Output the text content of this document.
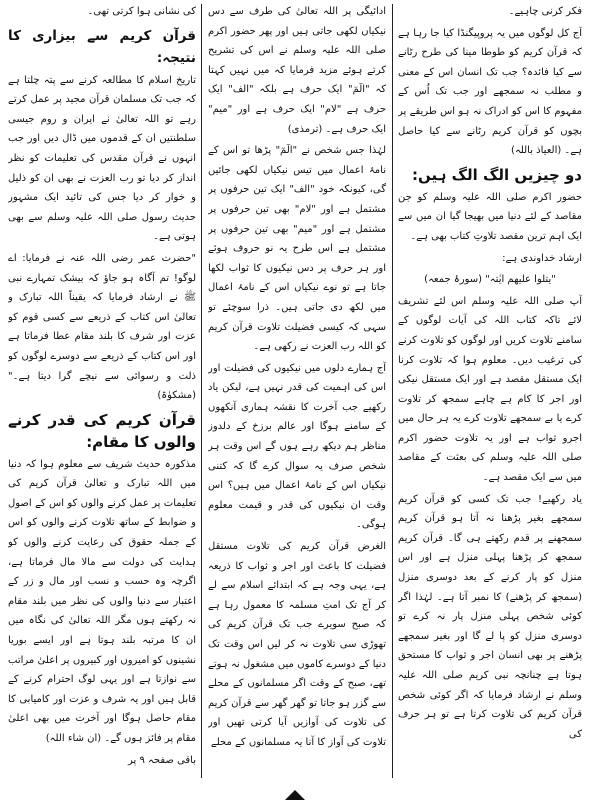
فکر کرنی چاہیے۔

آج کل لوگوں میں یہ پروپیگنڈا کیا جا رہا ہے کہ قرآن کریم کو طوطا مینا کی طرح رٹانے سے کیا فائدہ؟ جب تک انسان اس کے معنی و مطلب نہ سمجھے اور جب تک اُس کے مفہوم کا اس کو ادراک نہ ہو اس طریقے پر بچوں کو قرآن کریم رٹانے سے کیا حاصل ہے۔ (العیاذ باللہ)

دو چیزیں الگ الگ ہیں:

حضور اکرم صلی اللہ علیہ وسلم کو جن مقاصد کے لئے دنیا میں بھیجا گیا ان میں سے ایک اہم ترین مقصد تلاوتِ کتاب بھی ہے۔

ارشاد خداوندی ہے:

"یتلوا علیھم ایٰتہ" (سورۂ جمعہ)

آپ صلی اللہ علیہ وسلم اس لئے تشریف لائے تاکہ کتاب اللہ کی آیات لوگوں کے سامنے تلاوت کریں اور لوگوں کو تلاوت کرنے کی ترغیب دیں۔ معلوم ہوا کہ تلاوت کرنا ایک مستقل مقصد ہے اور ایک مستقل نیکی اور اجر کا کام ہے چاہے سمجھ کر تلاوت کرے یا بے سمجھے تلاوت کرے یہ ہر حال میں اجرو ثواب ہے اور یہ تلاوت حضور اکرم صلی اللہ علیہ وسلم کی بعثت کے مقاصد میں سے ایک مقصد ہے۔

یاد رکھیے! جب تک کسی کو قرآن کریم سمجھے بغیر پڑھنا نہ آتا ہو قرآن کریم سمجھنے پر قدم رکھتے ہی گا۔ قرآن کریم سمجھ کر پڑھنا پہلی منزل ہے اور اس منزل کو پار کرنے کے بعد دوسری منزل (سمجھ کر پڑھنے) کا نمبر آتا ہے۔ لہٰذا اگر کوئی شخص پہلی منزل پار نہ کرے تو دوسری منزل کو پا لے گا اور بغیر سمجھے پڑھنے پر بھی انسان اجر و ثواب کا مستحق ہوتا ہے چنانچہ نبی کریم صلی اللہ علیہ وسلم نے ارشاد فرمایا کہ اگر کوئی شخص قرآن کریم کی تلاوت کرتا ہے تو ہر حرف کی

ادائیگی پر اللہ تعالیٰ کی طرف سے دس نیکیاں لکھی جاتی ہیں اور پھر حضور اکرم صلی اللہ علیہ وسلم نے اس کی تشریح کرتے ہوئے مزید فرمایا کہ میں نہیں کہتا کہ "الٓمٓ" ایک حرف ہے بلکہ "الف" ایک حرف ہے "لام" ایک حرف ہے اور "میم" ایک حرف ہے۔ (ترمذی)

لہٰذا جس شخص نے "الٓمٓ" پڑھا تو اس کے نامۂ اعمال میں تیس نیکیاں لکھی جائیں گی، کیونکہ خود "الف" ایک تین حرفوں پر مشتمل ہے اور "لام" بھی تین حرفوں پر مشتمل ہے اور "میم" بھی تین حرفوں پر مشتمل ہے اس طرح یہ نو حروف ہوئے اور ہر حرف پر دس نیکیوں کا ثواب لکھا جاتا ہے تو نوے نیکیاں اس کے نامۂ اعمال میں لکھ دی جاتی ہیں۔ ذرا سوچئے تو سہی کہ کیسی فضیلت تلاوت قرآن کریم کو اللہ رب العزت نے رکھی ہے۔

آج ہمارے دلوں میں نیکیوں کی فضیلت اور اس کی اہمیت کی قدر نہیں ہے، لیکن یاد رکھیے جب آخرت کا نقشہ ہماری آنکھوں کے سامنے ہوگا اور عالم برزخ کے دلدوز مناظر ہم دیکھ رہے ہوں گے اس وقت ہر شخص صرف یہ سوال کرے گا کہ کتنی نیکیاں اس کے نامۂ اعمال میں ہیں؟ اس وقت ان نیکیوں کی قدر و قیمت معلوم ہوگی۔

الغرض قرآن کریم کی تلاوت مستقل فضیلت کا باعث اور اجر و ثواب کا ذریعہ ہے، یہی وجہ ہے کہ ابتدائے اسلام سے لے کر آج تک امتِ مسلمہ کا معمول رہا ہے کہ صبح سویرے جب تک قرآن کریم کی تھوڑی سی تلاوت نہ کر لیں اس وقت تک دنیا کے دوسرے کاموں میں مشغول نہ ہوتے تھے، صبح کے وقت اگر مسلمانوں کے محلے سے گزر ہو جاتا تو گھر گھر سے قرآن کریم کی تلاوت کی آوازیں آیا کرتی تھیں اور تلاوت کی آواز کا آنا یہ مسلمانوں کے محلے

کی نشانی ہوا کرتی تھی۔

قرآن کریم سے بیزاری کا نتیجہ:

تاریخ اسلام کا مطالعہ کرنے سے پتہ چلتا ہے کہ جب تک مسلمان قرآن مجید پر عمل کرتے رہے تو اللہ تعالیٰ نے ایران و روم جیسی سلطنتیں ان کے قدموں میں ڈال دیں اور جب انہوں نے قرآن مقدس کی تعلیمات کو نظر انداز کر دیا تو رب العزت نے بھی ان کو ذلیل و خوار کر دیا جس کی تائید ایک مشہور حدیث رسول صلی اللہ علیہ وسلم سے بھی ہوتی ہے۔

"حضرت عمر رضی اللہ عنہ نے فرمایا: اے لوگو! تم آگاہ ہو جاؤ کہ بیشک تمہارے نبی ﷺ نے ارشاد فرمایا کہ یقیناً اللہ تبارک و تعالیٰ اس کتاب کے ذریعے سے کسی قوم کو عزت اور شرف کا بلند مقام عطا فرماتا ہے اور اس کتاب کے ذریعے سے دوسرے لوگوں کو ذلت و رسوائی سے نیچے گرا دیتا ہے۔" (مشکوٰۃ)

قرآن کریم کی قدر کرنے والوں کا مقام:

مذکورہ حدیث شریف سے معلوم ہوا کہ دنیا میں اللہ تبارک و تعالیٰ قرآن کریم کی تعلیمات پر عمل کرنے والوں کو اس کے اصول و ضوابط کے ساتھ تلاوت کرنے والوں کو اس کے جملہ حقوق کی رعایت کرنے والوں کو ہدایت کی دولت سے مالا مال فرماتا ہے، اگرچہ وہ حسب و نسب اور مال و زر کے اعتبار سے دنیا والوں کی نظر میں بلند مقام نہ رکھتے ہوں مگر اللہ تعالیٰ کی نگاہ میں ان کا مرتبہ بلند ہوتا ہے اور ایسے بوریا نشینوں کو امیروں اور کبیروں پر اعلیٰ مراتب سے نوازتا ہے اور یہی لوگ احترام کرنے کے قابل ہیں اور یہ شرف و عزت اور کامیابی کا مقام حاصل ہوگا اور آخرت میں بھی اعلیٰ مقام پر فائز ہوں گے۔ (ان شاء اللہ)

باقی صفحہ ۹ پر
